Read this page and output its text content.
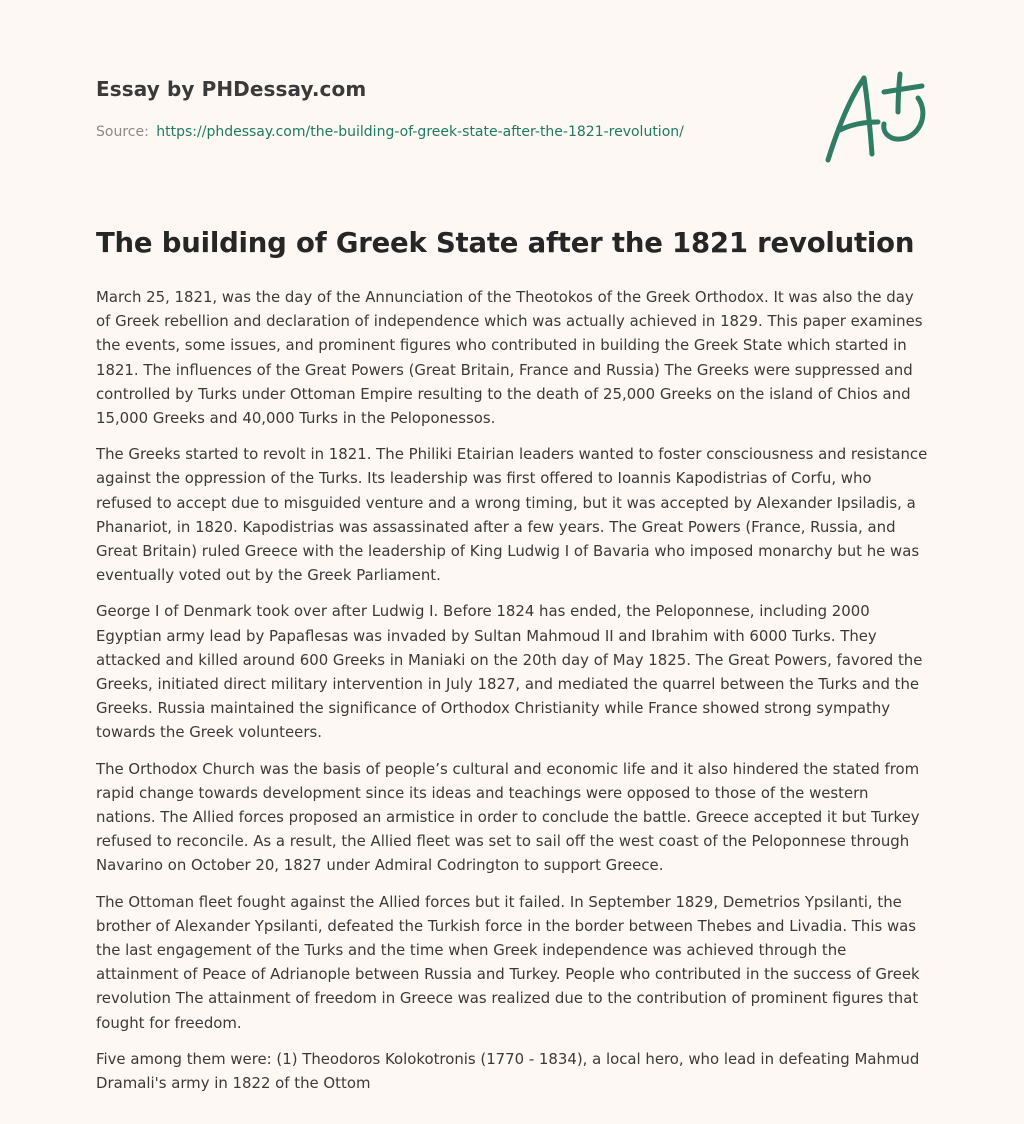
Essay by PHDessay.com
Source: https://phdessay.com/the-building-of-greek-state-after-the-1821-revolution/
The building of Greek State after the 1821 revolution

March 25, 1821, was the day of the Annunciation of the Theotokos of the Greek Orthodox. It was also the day of Greek rebellion and declaration of independence which was actually achieved in 1829. This paper examines the events, some issues, and prominent figures who contributed in building the Greek State which started in 1821. The influences of the Great Powers (Great Britain, France and Russia) The Greeks were suppressed and controlled by Turks under Ottoman Empire resulting to the death of 25,000 Greeks on the island of Chios and 15,000 Greeks and 40,000 Turks in the Peloponessos.

The Greeks started to revolt in 1821. The Philiki Etairian leaders wanted to foster consciousness and resistance against the oppression of the Turks. Its leadership was first offered to Ioannis Kapodistrias of Corfu, who refused to accept due to misguided venture and a wrong timing, but it was accepted by Alexander Ipsiladis, a Phanariot, in 1820. Kapodistrias was assassinated after a few years. The Great Powers (France, Russia, and Great Britain) ruled Greece with the leadership of King Ludwig I of Bavaria who imposed monarchy but he was eventually voted out by the Greek Parliament.

George I of Denmark took over after Ludwig I. Before 1824 has ended, the Peloponnese, including 2000 Egyptian army lead by Papaflesas was invaded by Sultan Mahmoud II and Ibrahim with 6000 Turks. They attacked and killed around 600 Greeks in Maniaki on the 20th day of May 1825. The Great Powers, favored the Greeks, initiated direct military intervention in July 1827, and mediated the quarrel between the Turks and the Greeks. Russia maintained the significance of Orthodox Christianity while France showed strong sympathy towards the Greek volunteers.

The Orthodox Church was the basis of people’s cultural and economic life and it also hindered the stated from rapid change towards development since its ideas and teachings were opposed to those of the western nations. The Allied forces proposed an armistice in order to conclude the battle. Greece accepted it but Turkey refused to reconcile. As a result, the Allied fleet was set to sail off the west coast of the Peloponnese through Navarino on October 20, 1827 under Admiral Codrington to support Greece.

The Ottoman fleet fought against the Allied forces but it failed. In September 1829, Demetrios Ypsilanti, the brother of Alexander Ypsilanti, defeated the Turkish force in the border between Thebes and Livadia. This was the last engagement of the Turks and the time when Greek independence was achieved through the attainment of Peace of Adrianople between Russia and Turkey. People who contributed in the success of Greek revolution The attainment of freedom in Greece was realized due to the contribution of prominent figures that fought for freedom.

Five among them were: (1) Theodoros Kolokotronis (1770 - 1834), a local hero, who lead in defeating Mahmud Dramali's army in 1822 of the Ottom
